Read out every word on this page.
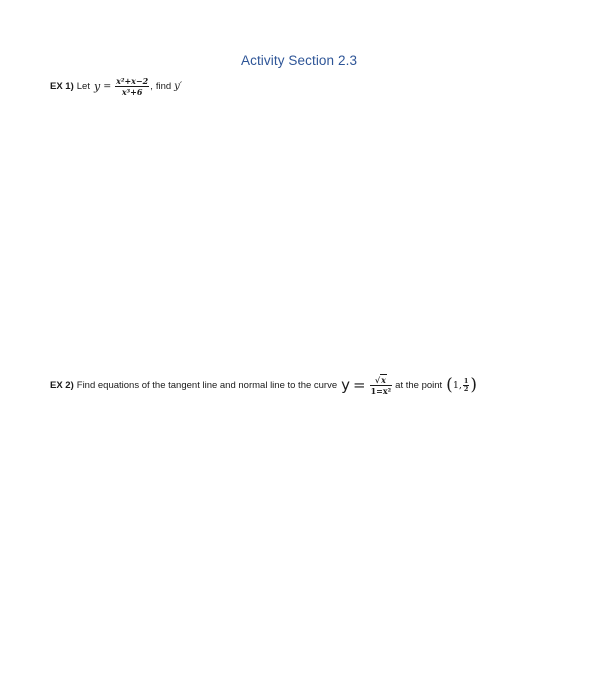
Activity Section 2.3
EX 1) Let $y = \frac{\text{x²+x−2}}{\text{x³+6}}$ , find y′
EX 2) Find equations of the tangent line and normal line to the curve $y = \frac{√ x}{\text{1=x²}}$ at the point ( 1, $\frac{1}{2}$ )
